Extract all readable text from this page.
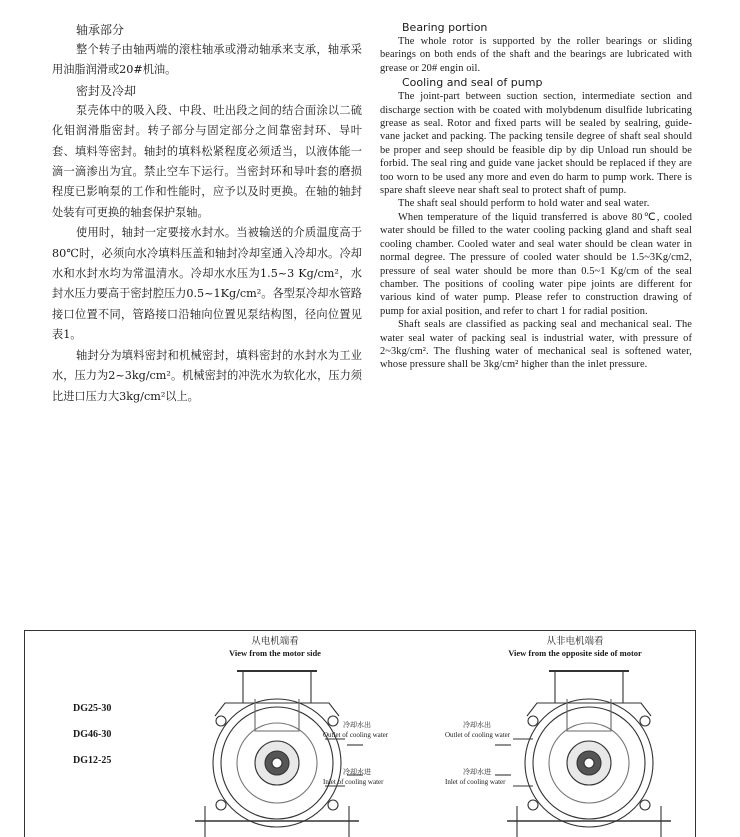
轴承部分

整个转子由轴两端的滚柱轴承或滑动轴承来支承，轴承采用油脂润滑或20#机油。

密封及冷却

泵壳体中的吸入段、中段、吐出段之间的结合面涂以二硫化钼润滑脂密封。转子部分与固定部分之间靠密封环、导叶套、填料等密封。轴封的填料松紧程度必须适当，以液体能一滴一滴渗出为宜。禁止空车下运行。当密封环和导叶套的磨损程度已影响泵的工作和性能时，应予以及时更换。在轴的轴封处装有可更换的轴套保护泵轴。

使用时，轴封一定要接水封水。当被输送的介质温度高于80℃时，必须向水冷填料压盖和轴封冷却室通入冷却水。冷却水和水封水均为常温清水。冷却水水压为1.5~3 Kg/cm²，水封水压力要高于密封腔压力0.5~1Kg/cm²。各型泵冷却水管路接口位置不同，管路接口沿轴向位置见泵结构图，径向位置见表1。

轴封分为填料密封和机械密封，填料密封的水封水为工业水，压力为2~3kg/cm²。机械密封的冲洗水为软化水，压力须比进口压力大3kg/cm²以上。

Bearing portion

The whole rotor is supported by the roller bearings or sliding bearings on both ends of the shaft and the bearings are lubricated with grease or 20# engin oil.

Cooling and seal of pump

The joint-part between suction section, intermediate section and discharge section with be coated with molybdenum disulfide lubricating grease as seal. Rotor and fixed parts will be sealed by sealring, guide-vane jacket and packing. The packing tensile degree of shaft seal should be proper and seep should be feasible dip by dip Unload run should be forbid. The seal ring and guide vane jacket should be replaced if they are too worn to be used any more and even do harm to pump work. There is spare shaft sleeve near shaft seal to protect shaft of pump.

The shaft seal should perform to hold water and seal water.

When temperature of the liquid transferred is above 80℃, cooled water should be filled to the water cooling packing gland and shaft seal cooling chamber. Cooled water and seal water should be clean water in normal degree. The pressure of cooled water should be 1.5~3Kg/cm2, pressure of seal water should be more than 0.5~1 Kg/cm of the seal chamber. The positions of cooling water pipe joints are different for various kind of water pump. Please refer to construction drawing of pump for axial position, and refer to chart 1 for radial position.

Shaft seals are classified as packing seal and mechanical seal. The water seal water of packing seal is industrial water, with pressure of 2~3kg/cm². The flushing water of mechanical seal is softened water, whose pressure shall be 3kg/cm² higher than the inlet pressure.

从电机端看
View from the motor side
从非电机端看
View from the opposite side of motor
DG25-30
DG46-30
DG12-25
冷却水出
Outlet of cooling water
冷却水进
Inlet of cooling water
冷却水出
Outlet of cooling water
冷却水进
Inlet of cooling water
